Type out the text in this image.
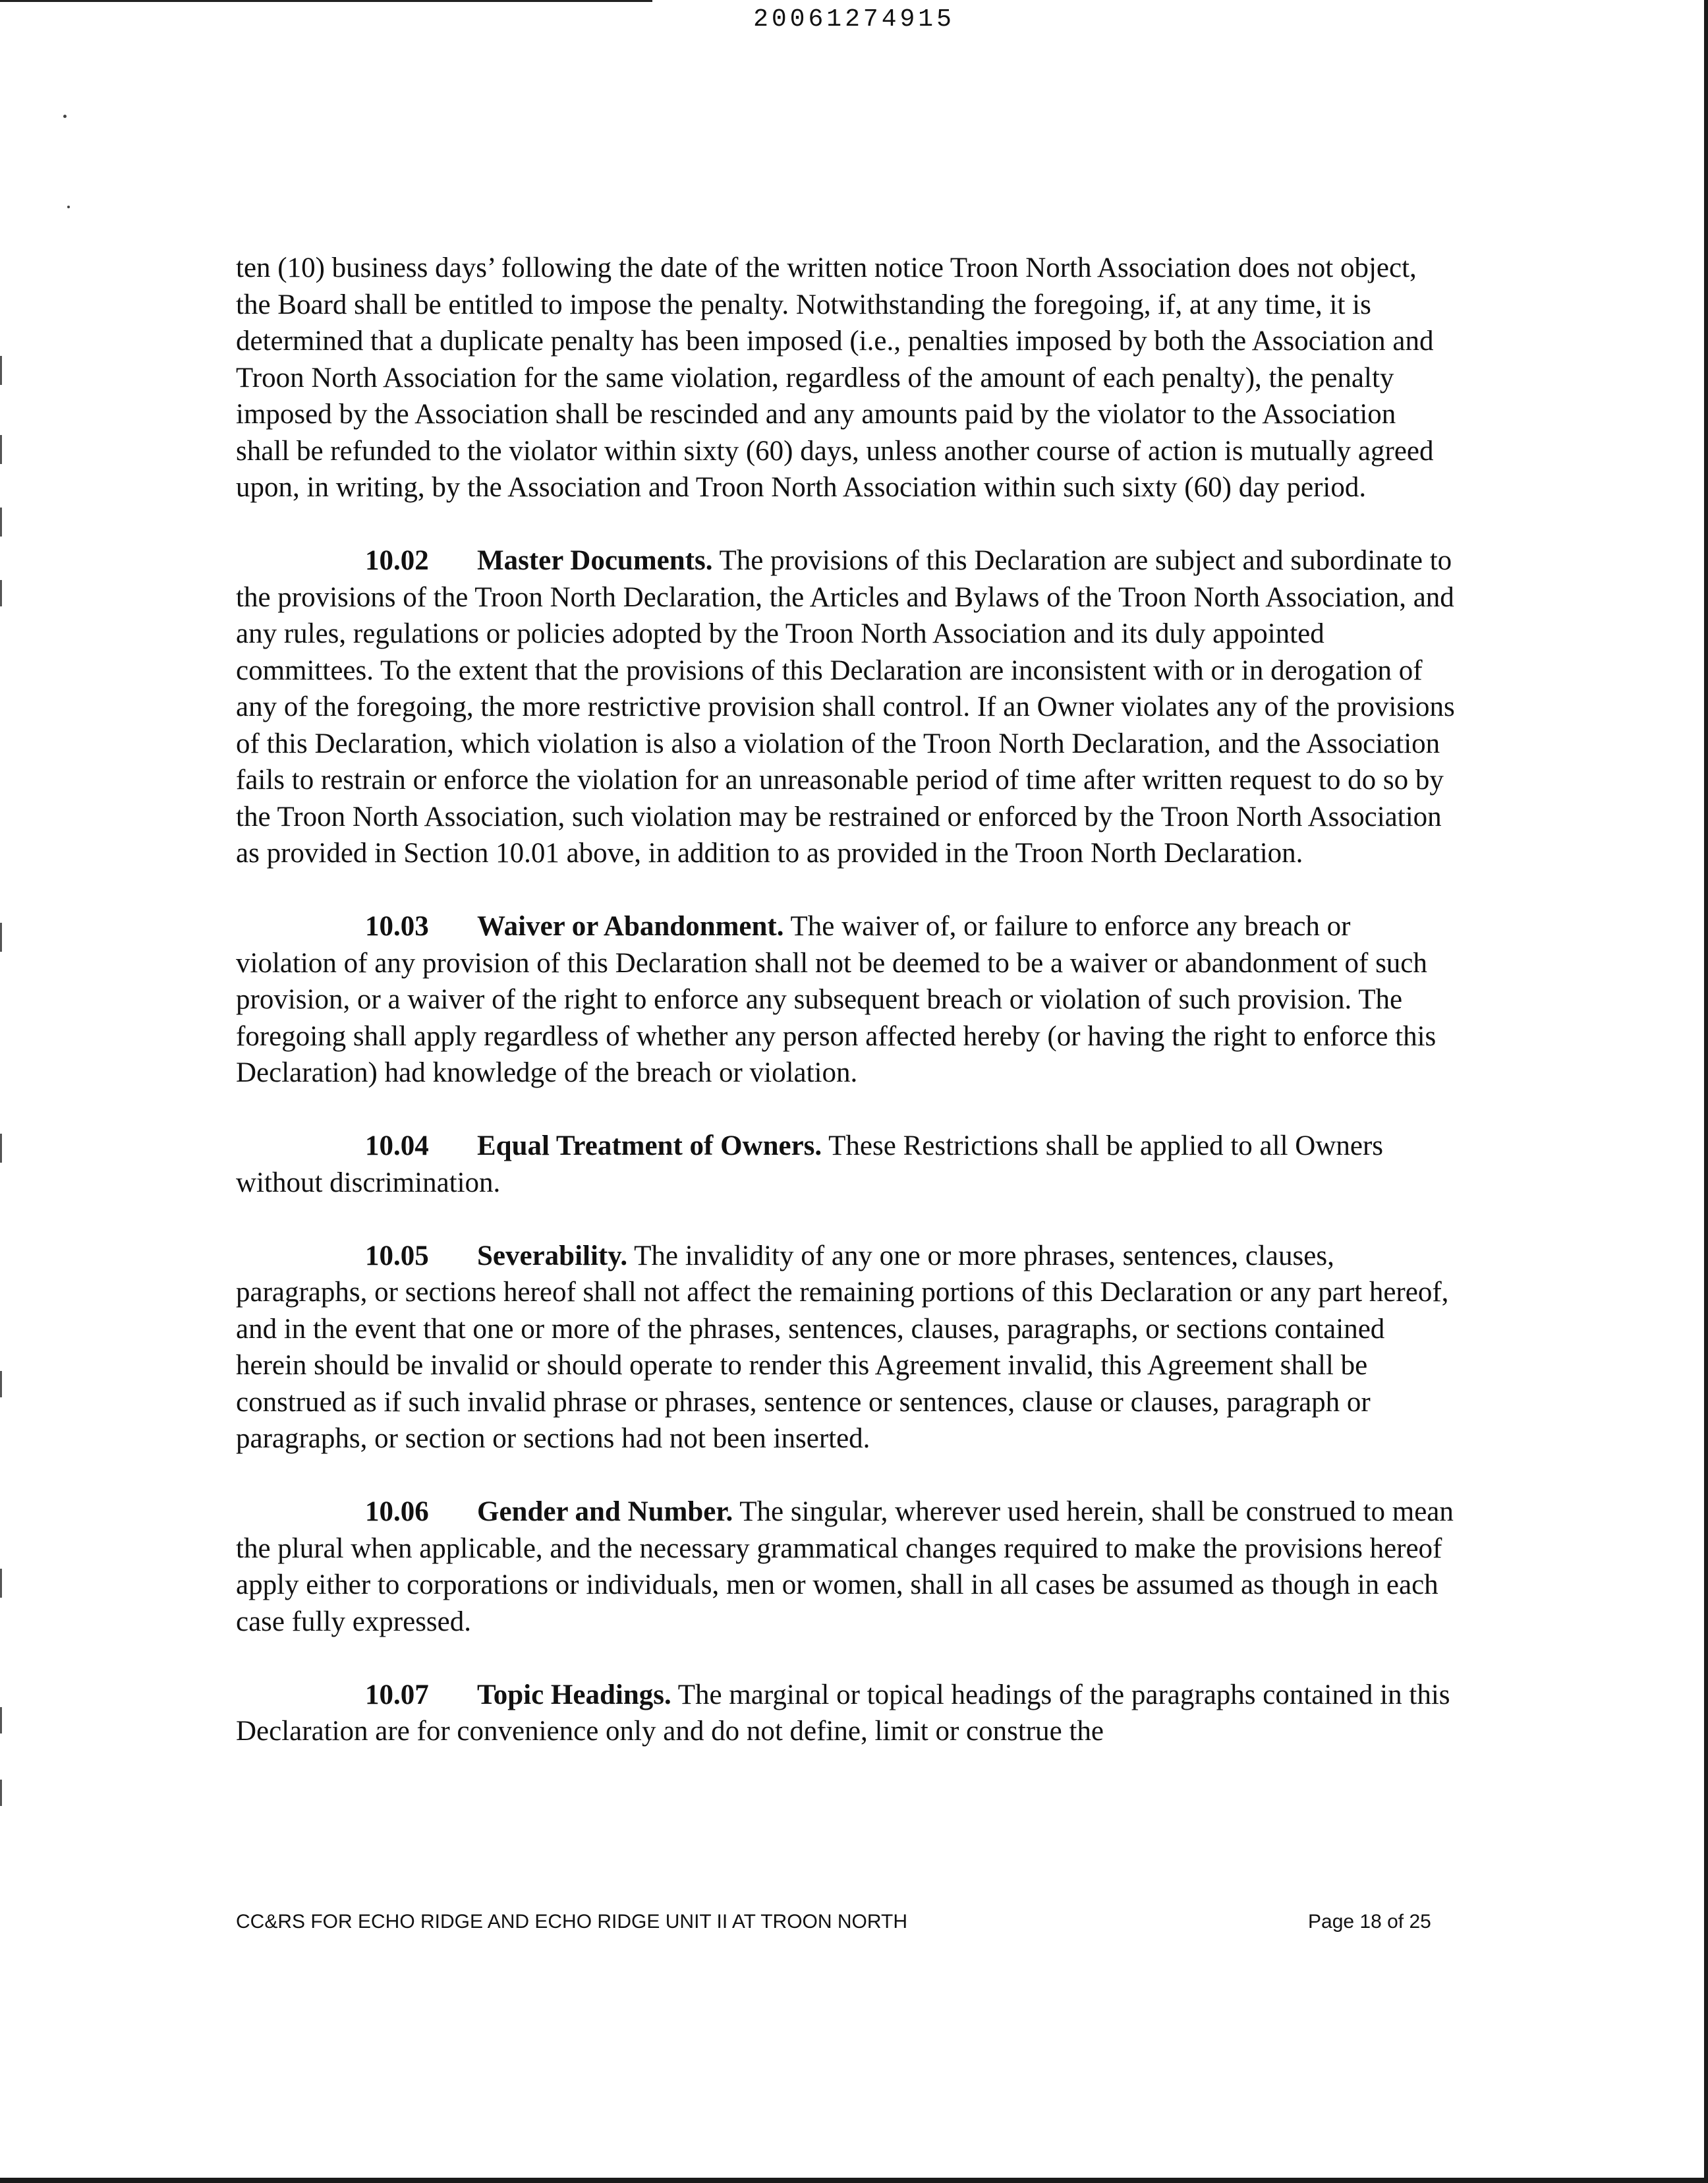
20061274915

ten (10) business days’ following the date of the written notice Troon North Association does not object, the Board shall be entitled to impose the penalty. Notwithstanding the foregoing, if, at any time, it is determined that a duplicate penalty has been imposed (i.e., penalties imposed by both the Association and Troon North Association for the same violation, regardless of the amount of each penalty), the penalty imposed by the Association shall be rescinded and any amounts paid by the violator to the Association shall be refunded to the violator within sixty (60) days, unless another course of action is mutually agreed upon, in writing, by the Association and Troon North Association within such sixty (60) day period.

10.02 Master Documents. The provisions of this Declaration are subject and subordinate to the provisions of the Troon North Declaration, the Articles and Bylaws of the Troon North Association, and any rules, regulations or policies adopted by the Troon North Association and its duly appointed committees. To the extent that the provisions of this Declaration are inconsistent with or in derogation of any of the foregoing, the more restrictive provision shall control. If an Owner violates any of the provisions of this Declaration, which violation is also a violation of the Troon North Declaration, and the Association fails to restrain or enforce the violation for an unreasonable period of time after written request to do so by the Troon North Association, such violation may be restrained or enforced by the Troon North Association as provided in Section 10.01 above, in addition to as provided in the Troon North Declaration.

10.03 Waiver or Abandonment. The waiver of, or failure to enforce any breach or violation of any provision of this Declaration shall not be deemed to be a waiver or abandonment of such provision, or a waiver of the right to enforce any subsequent breach or violation of such provision. The foregoing shall apply regardless of whether any person affected hereby (or having the right to enforce this Declaration) had knowledge of the breach or violation.

10.04 Equal Treatment of Owners. These Restrictions shall be applied to all Owners without discrimination.

10.05 Severability. The invalidity of any one or more phrases, sentences, clauses, paragraphs, or sections hereof shall not affect the remaining portions of this Declaration or any part hereof, and in the event that one or more of the phrases, sentences, clauses, paragraphs, or sections contained herein should be invalid or should operate to render this Agreement invalid, this Agreement shall be construed as if such invalid phrase or phrases, sentence or sentences, clause or clauses, paragraph or paragraphs, or section or sections had not been inserted.

10.06 Gender and Number. The singular, wherever used herein, shall be construed to mean the plural when applicable, and the necessary grammatical changes required to make the provisions hereof apply either to corporations or individuals, men or women, shall in all cases be assumed as though in each case fully expressed.

10.07 Topic Headings. The marginal or topical headings of the paragraphs contained in this Declaration are for convenience only and do not define, limit or construe the

CC&RS FOR ECHO RIDGE AND ECHO RIDGE UNIT II AT TROON NORTH	Page 18 of 25
